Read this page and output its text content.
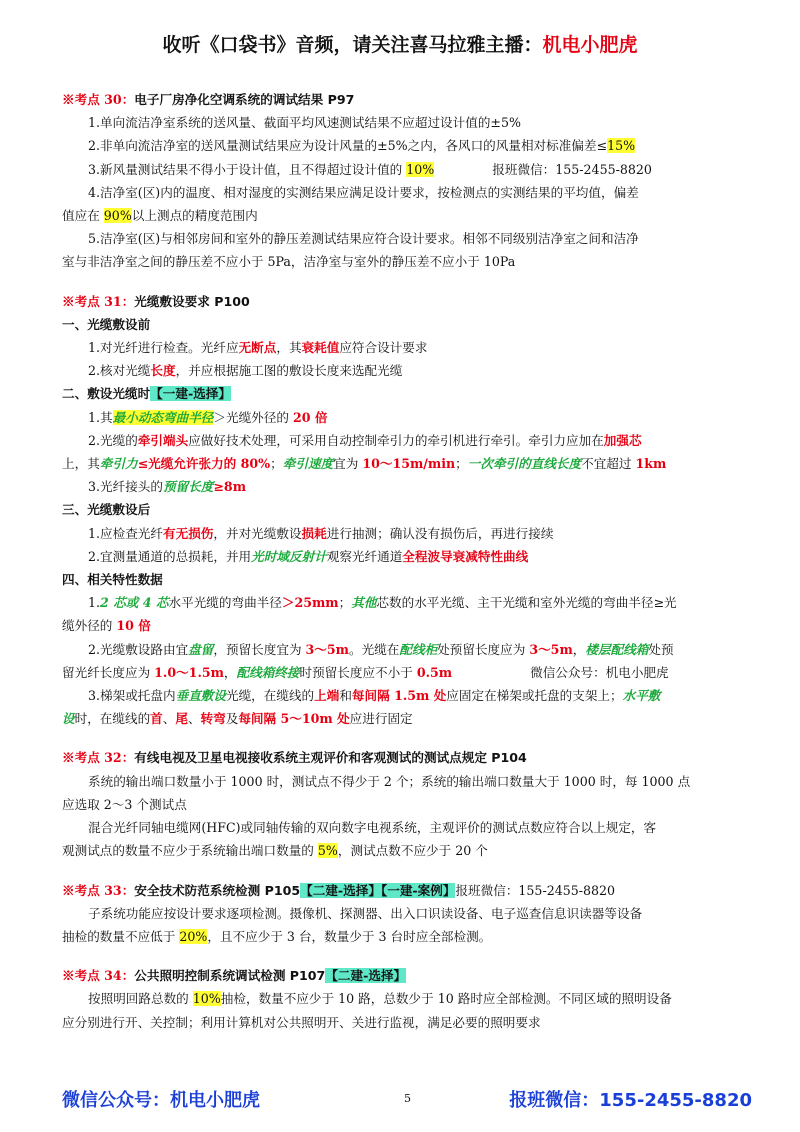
收听《口袋书》音频，请关注喜马拉雅主播：机电小肥虎

※考点 30：电子厂房净化空调系统的调试结果 P97

1.单向流洁净室系统的送风量、截面平均风速测试结果不应超过设计值的±5%

2.非单向流洁净室的送风量测试结果应为设计风量的±5%之内，各风口的风量相对标准偏差≤15%

3.新风量测试结果不得小于设计值，且不得超过设计值的 10%	报班微信：155-2455-8820

4.洁净室(区)内的温度、相对湿度的实测结果应满足设计要求，按检测点的实测结果的平均值，偏差

值应在 90%以上测点的精度范围内

5.洁净室(区)与相邻房间和室外的静压差测试结果应符合设计要求。相邻不同级别洁净室之间和洁净

室与非洁净室之间的静压差不应小于 5Pa，洁净室与室外的静压差不应小于 10Pa

※考点 31：光缆敷设要求 P100

一、光缆敷设前

1.对光纤进行检查。光纤应无断点，其衰耗值应符合设计要求

2.核对光缆长度，并应根据施工图的敷设长度来选配光缆

二、敷设光缆时【一建-选择】

1.其最小动态弯曲半径＞光缆外径的 20 倍

2.光缆的牵引端头应做好技术处理，可采用自动控制牵引力的牵引机进行牵引。牵引力应加在加强芯

上，其牵引力≤光缆允许张力的 80%；牵引速度宜为 10～15m/min；一次牵引的直线长度不宜超过 1km

3.光纤接头的预留长度≥8m

三、光缆敷设后

1.应检查光纤有无损伤，并对光缆敷设损耗进行抽测；确认没有损伤后，再进行接续

2.宜测量通道的总损耗，并用光时域反射计观察光纤通道全程波导衰减特性曲线

四、相关特性数据

1.2 芯或 4 芯水平光缆的弯曲半径＞25mm；其他芯数的水平光缆、主干光缆和室外光缆的弯曲半径≥光

缆外径的 10 倍

2.光缆敷设路由宜盘留，预留长度宜为 3～5m。光缆在配线柜处预留长度应为 3～5m，楼层配线箱处预

留光纤长度应为 1.0～1.5m，配线箱终接时预留长度应不小于 0.5m	微信公众号：机电小肥虎

3.梯架或托盘内垂直敷设光缆，在缆线的上端和每间隔 1.5m 处应固定在梯架或托盘的支架上；水平敷

设时，在缆线的首、尾、转弯及每间隔 5～10m 处应进行固定

※考点 32：有线电视及卫星电视接收系统主观评价和客观测试的测试点规定 P104

系统的输出端口数量小于 1000 时，测试点不得少于 2 个；系统的输出端口数量大于 1000 时，每 1000 点

应选取 2～3 个测试点

混合光纤同轴电缆网(HFC)或同轴传输的双向数字电视系统，主观评价的测试点数应符合以上规定，客

观测试点的数量不应少于系统输出端口数量的 5%，测试点数不应少于 20 个

※考点 33：安全技术防范系统检测 P105【二建-选择】【一建-案例】报班微信：155-2455-8820

子系统功能应按设计要求逐项检测。摄像机、探测器、出入口识读设备、电子巡查信息识读器等设备

抽检的数量不应低于 20%，且不应少于 3 台，数量少于 3 台时应全部检测。

※考点 34：公共照明控制系统调试检测 P107【二建-选择】

按照明回路总数的 10%抽检，数量不应少于 10 路，总数少于 10 路时应全部检测。不同区域的照明设备

应分别进行开、关控制；利用计算机对公共照明开、关进行监视，满足必要的照明要求

微信公众号：机电小肥虎	5	报班微信：155-2455-8820
